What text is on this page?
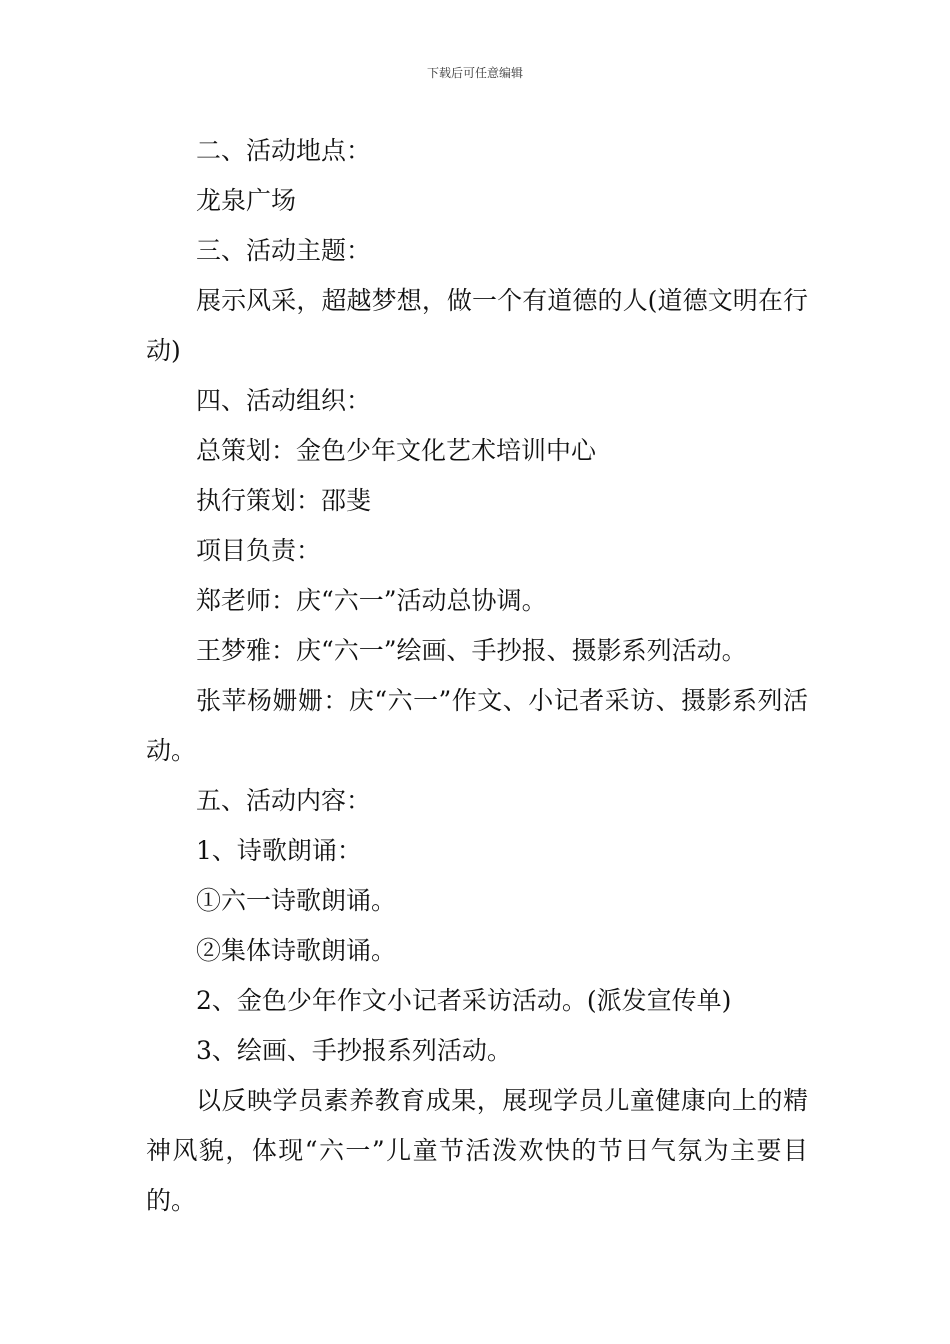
下载后可任意编辑

二、活动地点：

龙泉广场

三、活动主题：

展示风采，超越梦想，做一个有道德的人(道德文明在行动)

四、活动组织：

总策划：金色少年文化艺术培训中心

执行策划：邵斐

项目负责：

郑老师：庆“六一”活动总协调。

王梦雅：庆“六一”绘画、手抄报、摄影系列活动。

张苹杨姗姗：庆“六一”作文、小记者采访、摄影系列活动。

五、活动内容：

1、诗歌朗诵：

①六一诗歌朗诵。

②集体诗歌朗诵。

2、金色少年作文小记者采访活动。(派发宣传单)

3、绘画、手抄报系列活动。

以反映学员素养教育成果，展现学员儿童健康向上的精神风貌，体现“六一”儿童节活泼欢快的节日气氛为主要目的。
